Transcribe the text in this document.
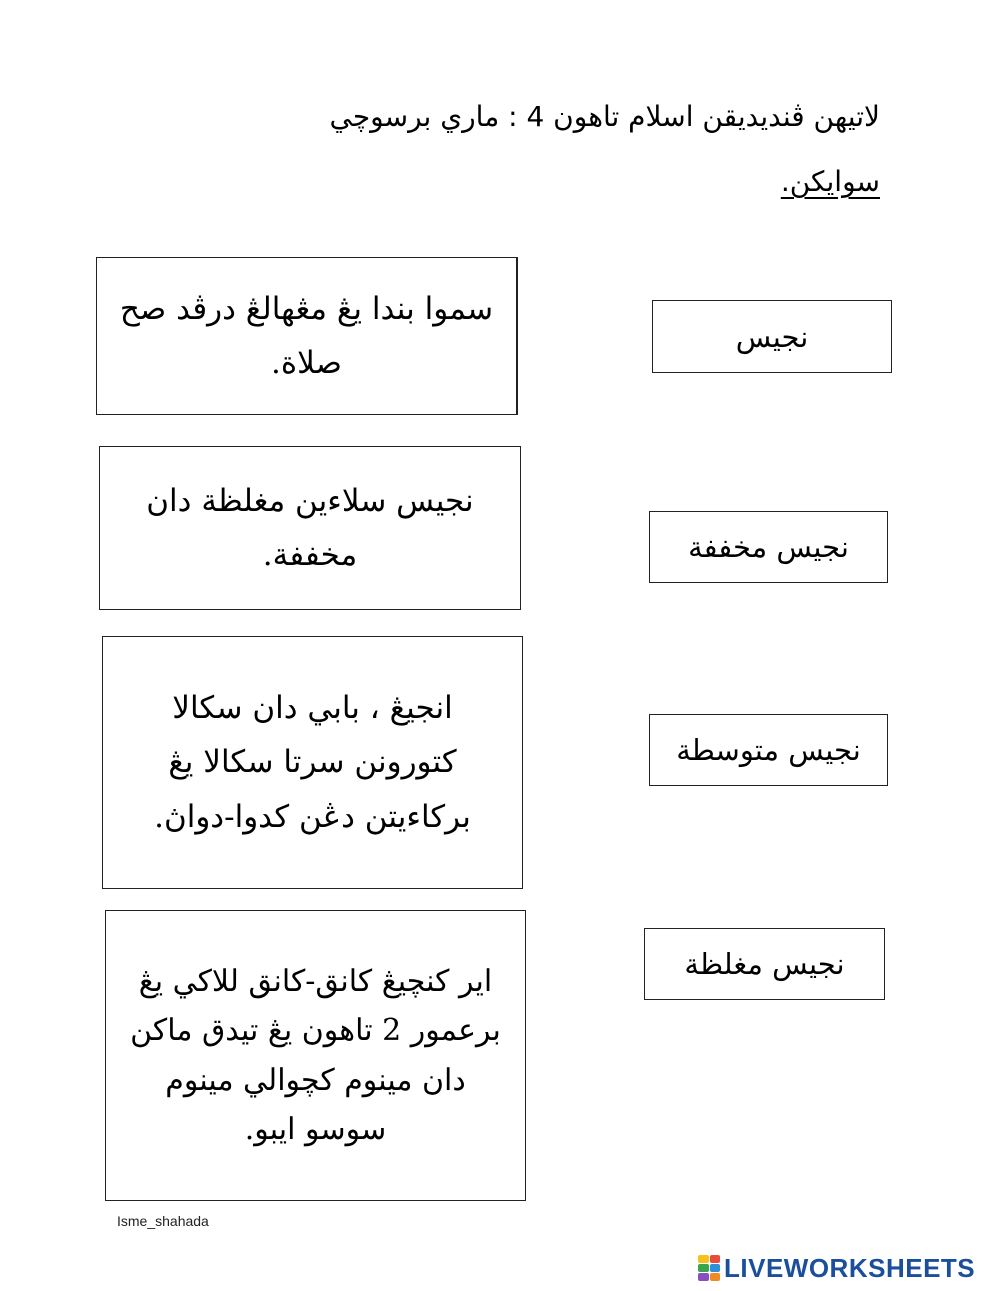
لاتيهن ڤنديديقن اسلام تاهون 4 : ماري برسوچي
سوايكن.
سموا بندا يڠ مڠهالڠ درڤد صح صلاة.
نجيس سلاءين مغلظة دان مخففة.
انجيڠ ، بابي دان سکالا کتورونن سرتا سکالا يڠ برکاءيتن دڠن کدوا-دواڽ.
اير کنچيڠ کانق-کانق للاکي يڠ برعمور 2 تاهون يڠ تيدق ماکن دان مينوم کچوالي مينوم سوسو ايبو.
نجيس
نجيس مخففة
نجيس متوسطة
نجيس مغلظة
Isme_shahada
LIVEWORKSHEETS
